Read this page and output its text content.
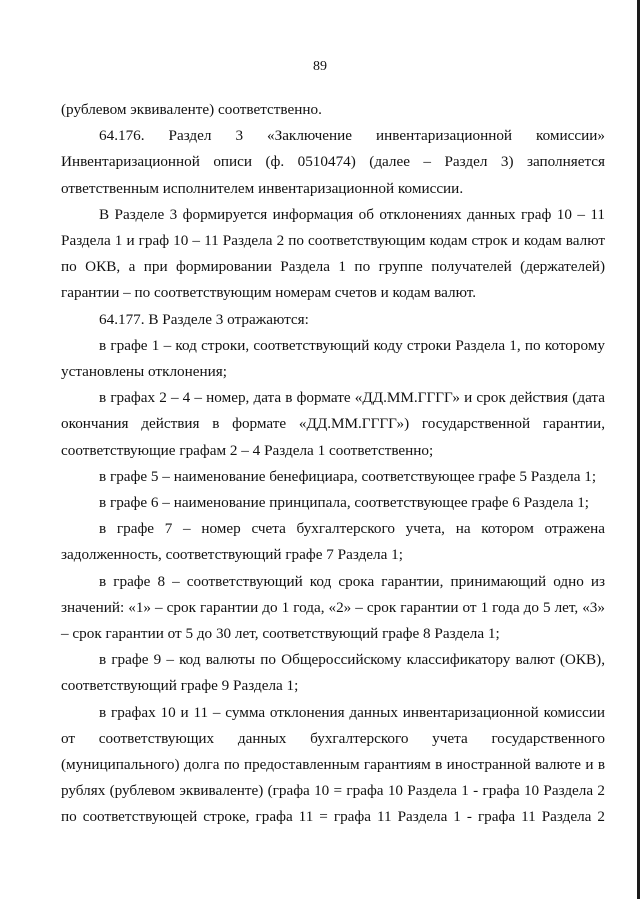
89

(рублевом эквиваленте) соответственно.

64.176. Раздел 3 «Заключение инвентаризационной комиссии» Инвентаризационной описи (ф. 0510474) (далее – Раздел 3) заполняется ответственным исполнителем инвентаризационной комиссии.

В Разделе 3 формируется информация об отклонениях данных граф 10 – 11 Раздела 1 и граф 10 – 11 Раздела 2 по соответствующим кодам строк и кодам валют по ОКВ, а при формировании Раздела 1 по группе получателей (держателей) гарантии – по соответствующим номерам счетов и кодам валют.

64.177. В Разделе 3 отражаются:

в графе 1 – код строки, соответствующий коду строки Раздела 1, по которому установлены отклонения;

в графах 2 – 4 – номер, дата в формате «ДД.ММ.ГГГГ» и срок действия (дата окончания действия в формате «ДД.ММ.ГГГГ») государственной гарантии, соответствующие графам 2 – 4 Раздела 1 соответственно;

в графе 5 – наименование бенефициара, соответствующее графе 5 Раздела 1;

в графе 6 – наименование принципала, соответствующее графе 6 Раздела 1;

в графе 7 – номер счета бухгалтерского учета, на котором отражена задолженность, соответствующий графе 7 Раздела 1;

в графе 8 – соответствующий код срока гарантии, принимающий одно из значений: «1» – срок гарантии до 1 года, «2» – срок гарантии от 1 года до 5 лет, «3» – срок гарантии от 5 до 30 лет, соответствующий графе 8 Раздела 1;

в графе 9 – код валюты по Общероссийскому классификатору валют (ОКВ), соответствующий графе 9 Раздела 1;

в графах 10 и 11 – сумма отклонения данных инвентаризационной комиссии от соответствующих данных бухгалтерского учета государственного (муниципального) долга по предоставленным гарантиям в иностранной валюте и в рублях (рублевом эквиваленте) (графа 10 = графа 10 Раздела 1 - графа 10 Раздела 2 по соответствующей строке, графа 11 = графа 11 Раздела 1 - графа 11 Раздела 2
